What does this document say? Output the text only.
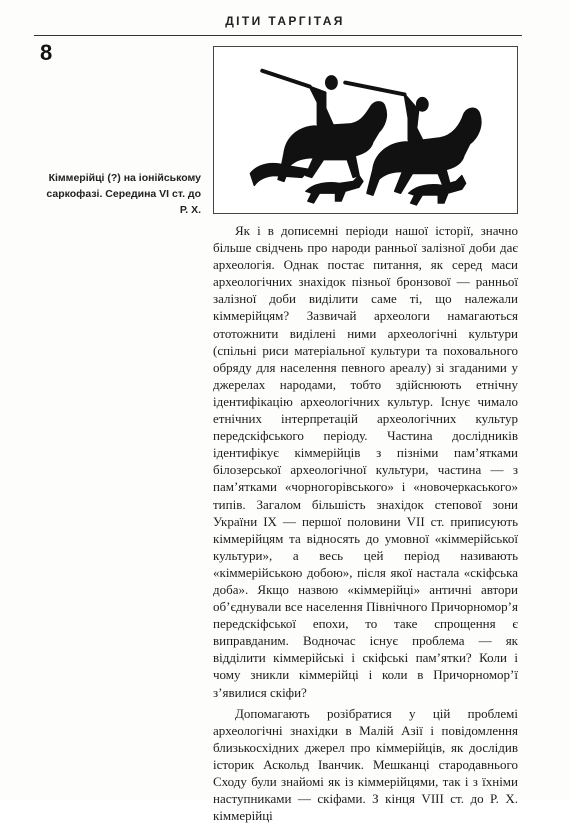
ДІТИ ТАРГІТАЯ
8
Кіммерійці (?) на іонійському саркофазі. Середина VI ст. до Р. Х.

Як і в дописемні періоди нашої історії, значно більше свідчень про народи ранньої залізної доби дає археологія. Однак постає питання, як серед маси археологічних знахідок пізньої бронзової — ранньої залізної доби виділити саме ті, що належали кіммерійцям? Зазвичай археологи намагаються ототожнити виділені ними археологічні культури (спільні риси матеріальної культури та поховального обряду для населення певного ареалу) зі згаданими у джерелах народами, тобто здійснюють етнічну ідентифікацію археологічних культур. Існує чимало етнічних інтерпретацій археологічних культур передскіфського періоду. Частина дослідників ідентифікує кіммерійців з пізніми пам’ятками білозерської археологічної культури, частина — з пам’ятками «чорногорівського» і «новочеркаського» типів. Загалом більшість знахідок степової зони України IX — першої половини VII ст. приписують кіммерійцям та відносять до умовної «кіммерійської культури», а весь цей період називають «кіммерійською добою», після якої настала «скіфська доба». Якщо назвою «кіммерійці» античні автори об’єднували все населення Північного Причорномор’я передскіфської епохи, то таке спрощення є виправданим. Водночас існує проблема — як відділити кіммерійські і скіфські пам’ятки? Коли і чому зникли кіммерійці і коли в Причорномор’ї з’явилися скіфи?

Допомагають розібратися у цій проблемі археологічні знахідки в Малій Азії і повідомлення близькосхідних джерел про кіммерійців, як дослідив історик Аскольд Іванчик. Мешканці стародавнього Сходу були знайомі як із кіммерійцями, так і з їхніми наступниками — скіфами. З кінця VIII ст. до Р. Х. кіммерійці
